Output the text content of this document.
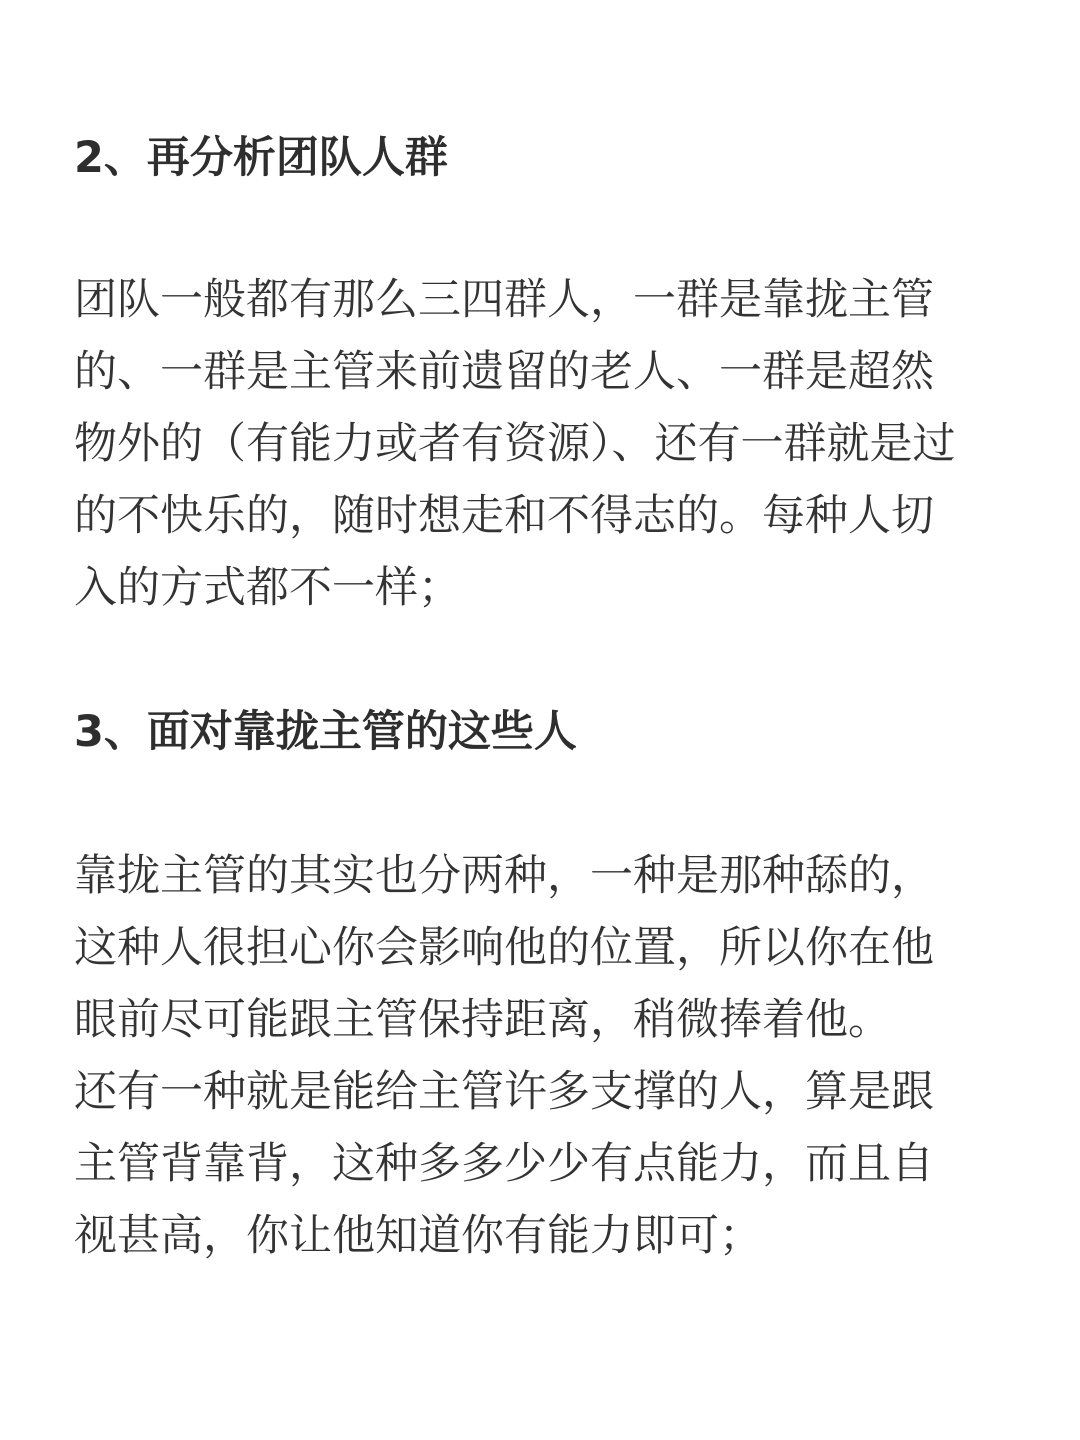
2、再分析团队人群
团队一般都有那么三四群人，一群是靠拢主管
的、一群是主管来前遗留的老人、一群是超然
物外的（有能力或者有资源）、还有一群就是过
的不快乐的，随时想走和不得志的。每种人切
入的方式都不一样；
3、面对靠拢主管的这些人
靠拢主管的其实也分两种，一种是那种舔的，
这种人很担心你会影响他的位置，所以你在他
眼前尽可能跟主管保持距离，稍微捧着他。
还有一种就是能给主管许多支撑的人，算是跟
主管背靠背，这种多多少少有点能力，而且自
视甚高，你让他知道你有能力即可；
